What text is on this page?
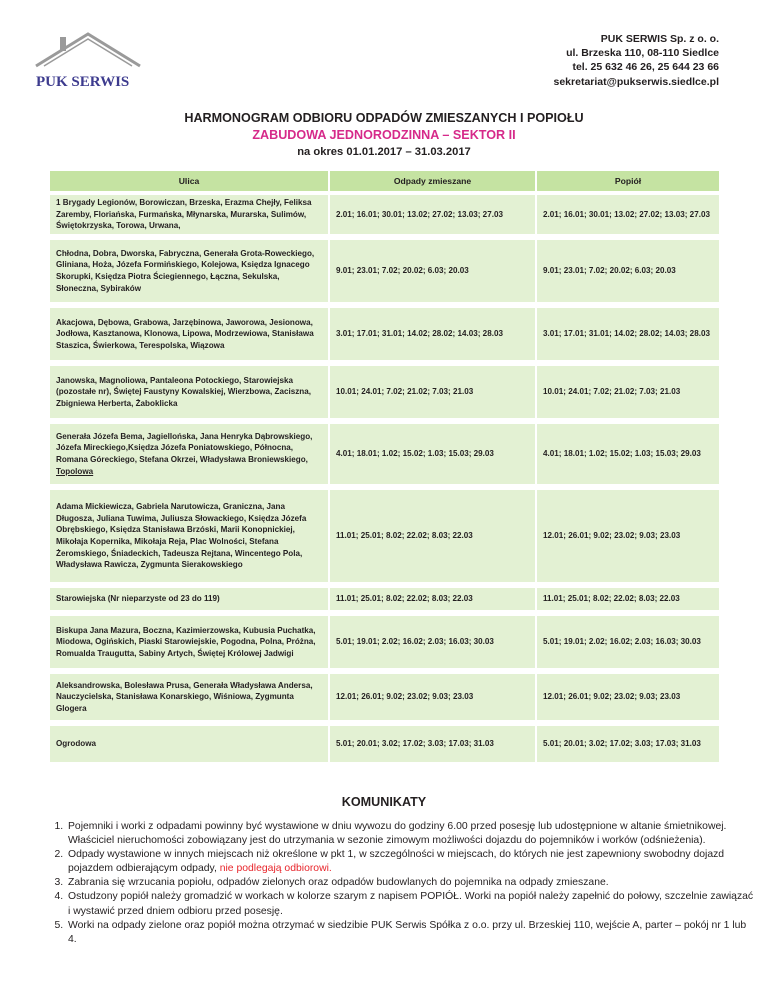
PUK SERWIS
PUK SERWIS Sp. z o. o.
ul. Brzeska 110, 08-110 Siedlce
tel. 25 632 46 26, 25 644 23 66
sekretariat@pukserwis.siedlce.pl
HARMONOGRAM ODBIORU ODPADÓW ZMIESZANYCH I POPIOŁU
ZABUDOWA JEDNORODZINNA – SEKTOR II
na okres 01.01.2017 – 31.03.2017
Ulica	Odpady zmieszane	Popiół
1 Brygady Legionów, Borowiczan, Brzeska, Erazma Chejły, Feliksa Zaremby, Floriańska, Furmańska, Młynarska, Murarska, Sulimów, Świętokrzyska, Torowa, Urwana,	2.01; 16.01; 30.01; 13.02; 27.02; 13.03; 27.03	2.01; 16.01; 30.01; 13.02; 27.02; 13.03; 27.03
Chłodna, Dobra, Dworska, Fabryczna, Generała Grota-Roweckiego, Gliniana, Hoża, Józefa Formińskiego, Kolejowa, Księdza Ignacego Skorupki, Księdza Piotra Ściegiennego, Łączna, Sekulska, Słoneczna, Sybiraków	9.01; 23.01; 7.02; 20.02; 6.03; 20.03	9.01; 23.01; 7.02; 20.02; 6.03; 20.03
Akacjowa, Dębowa, Grabowa, Jarzębinowa, Jaworowa, Jesionowa, Jodłowa, Kasztanowa, Klonowa, Lipowa, Modrzewiowa, Stanisława Staszica, Świerkowa, Terespolska, Wiązowa	3.01; 17.01; 31.01; 14.02; 28.02; 14.03; 28.03	3.01; 17.01; 31.01; 14.02; 28.02; 14.03; 28.03
Janowska, Magnoliowa, Pantaleona Potockiego, Starowiejska (pozostałe nr), Świętej Faustyny Kowalskiej, Wierzbowa, Zaciszna, Zbigniewa Herberta, Żaboklicka	10.01; 24.01; 7.02; 21.02; 7.03; 21.03	10.01; 24.01; 7.02; 21.02; 7.03; 21.03
Generała Józefa Bema, Jagiellońska, Jana Henryka Dąbrowskiego, Józefa Mireckiego,Księdza Józefa Poniatowskiego, Północna, Romana Góreckiego, Stefana Okrzei, Władysława Broniewskiego, Topolowa	4.01; 18.01; 1.02; 15.02; 1.03; 15.03; 29.03	4.01; 18.01; 1.02; 15.02; 1.03; 15.03; 29.03
Adama Mickiewicza, Gabriela Narutowicza, Graniczna, Jana Długosza, Juliana Tuwima, Juliusza Słowackiego, Księdza Józefa Obrębskiego, Księdza Stanisława Brzóski, Marii Konopnickiej, Mikołaja Kopernika, Mikołaja Reja, Plac Wolności, Stefana Żeromskiego, Śniadeckich, Tadeusza Rejtana, Wincentego Pola, Władysława Rawicza, Zygmunta Sierakowskiego	11.01; 25.01; 8.02; 22.02; 8.03; 22.03	12.01; 26.01; 9.02; 23.02; 9.03; 23.03
Starowiejska (Nr nieparzyste od 23 do 119)	11.01; 25.01; 8.02; 22.02; 8.03; 22.03	11.01; 25.01; 8.02; 22.02; 8.03; 22.03
Biskupa Jana Mazura, Boczna, Kazimierzowska, Kubusia Puchatka, Miodowa, Ogińskich, Piaski Starowiejskie, Pogodna, Polna, Próżna, Romualda Traugutta, Sabiny Artych, Świętej Królowej Jadwigi	5.01; 19.01; 2.02; 16.02; 2.03; 16.03; 30.03	5.01; 19.01; 2.02; 16.02; 2.03; 16.03; 30.03
Aleksandrowska, Bolesława Prusa, Generała Władysława Andersa, Nauczycielska, Stanisława Konarskiego, Wiśniowa, Zygmunta Glogera	12.01; 26.01; 9.02; 23.02; 9.03; 23.03	12.01; 26.01; 9.02; 23.02; 9.03; 23.03
Ogrodowa	5.01; 20.01; 3.02; 17.02; 3.03; 17.03; 31.03	5.01; 20.01; 3.02; 17.02; 3.03; 17.03; 31.03
KOMUNIKATY
1. Pojemniki i worki z odpadami powinny być wystawione w dniu wywozu do godziny 6.00 przed posesję lub udostępnione w altanie śmietnikowej. Właściciel nieruchomości zobowiązany jest do utrzymania w sezonie zimowym możliwości dojazdu do pojemników i worków (odśnieżenia).
2. Odpady wystawione w innych miejscach niż określone w pkt 1, w szczególności w miejscach, do których nie jest zapewniony swobodny dojazd pojazdem odbierającym odpady, nie podlegają odbiorowi.
3. Zabrania się wrzucania popiołu, odpadów zielonych oraz odpadów budowlanych do pojemnika na odpady zmieszane.
4. Ostudzony popiół należy gromadzić w workach w kolorze szarym z napisem POPIÓŁ. Worki na popiół należy zapełnić do połowy, szczelnie zawiązać i wystawić przed dniem odbioru przed posesję.
5. Worki na odpady zielone oraz popiół można otrzymać w siedzibie PUK Serwis Spółka z o.o. przy ul. Brzeskiej 110, wejście A, parter – pokój nr 1 lub 4.
